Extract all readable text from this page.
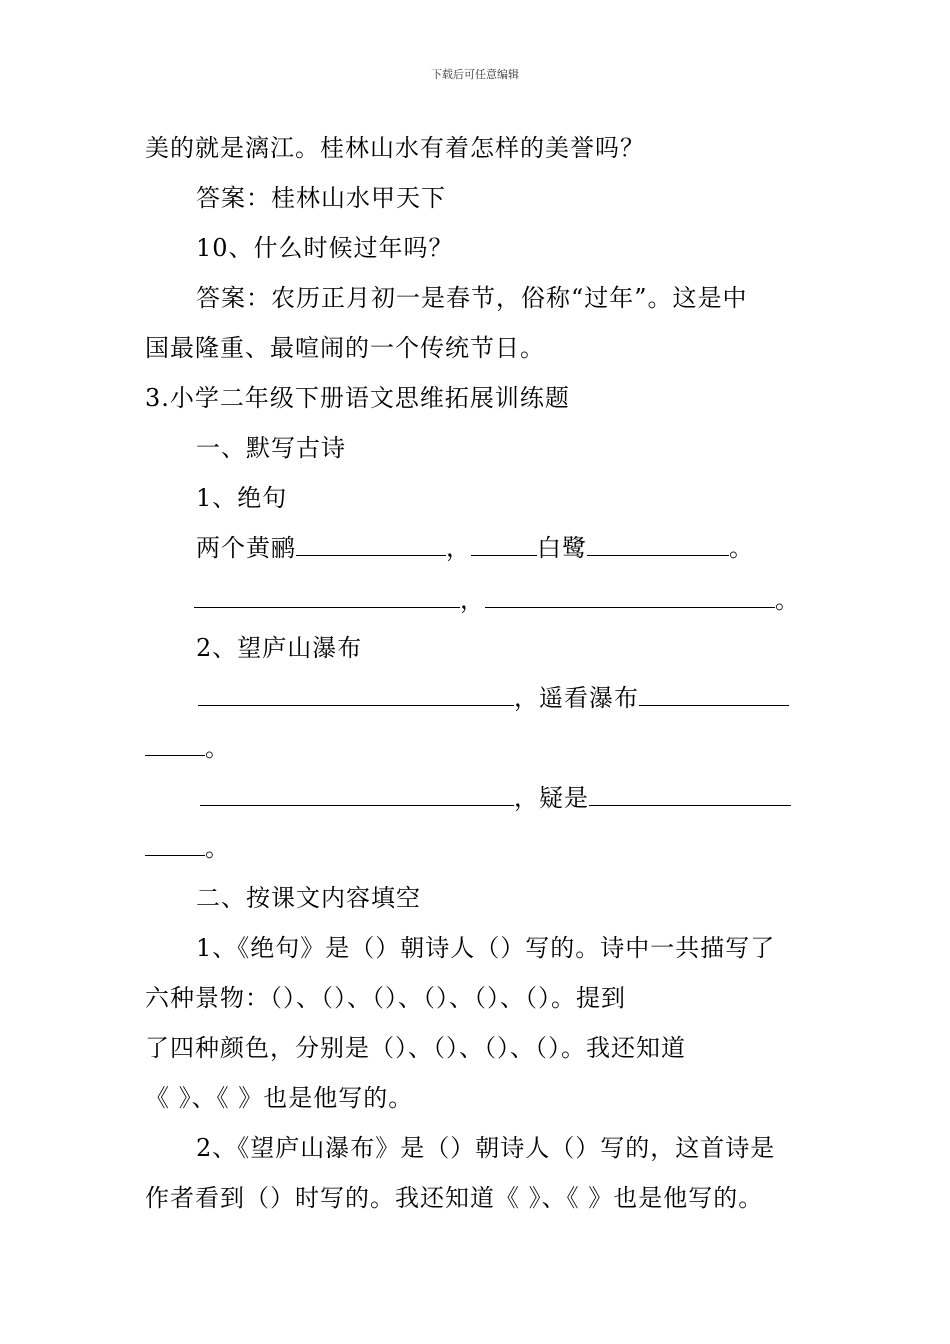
下载后可任意编辑
美的就是漓江。桂林山水有着怎样的美誉吗？
答案：桂林山水甲天下
10、什么时候过年吗？
答案：农历正月初一是春节，俗称“过年”。这是中
国最隆重、最喧闹的一个传统节日。
3.小学二年级下册语文思维拓展训练题
一、默写古诗
1、绝句
两个黄鹂	，	白鹭	。
，	。
2、望庐山瀑布
，遥看瀑布
。
，疑是
。
二、按课文内容填空
1、《绝句》是（）朝诗人（）写的。诗中一共描写了
六种景物：（）、（）、（）、（）、（）、（）。提到
了四种颜色，分别是（）、（）、（）、（）。我还知道
《 》、《 》也是他写的。
2、《望庐山瀑布》是（）朝诗人（）写的，这首诗是
作者看到（）时写的。我还知道《 》、《 》也是他写的。
